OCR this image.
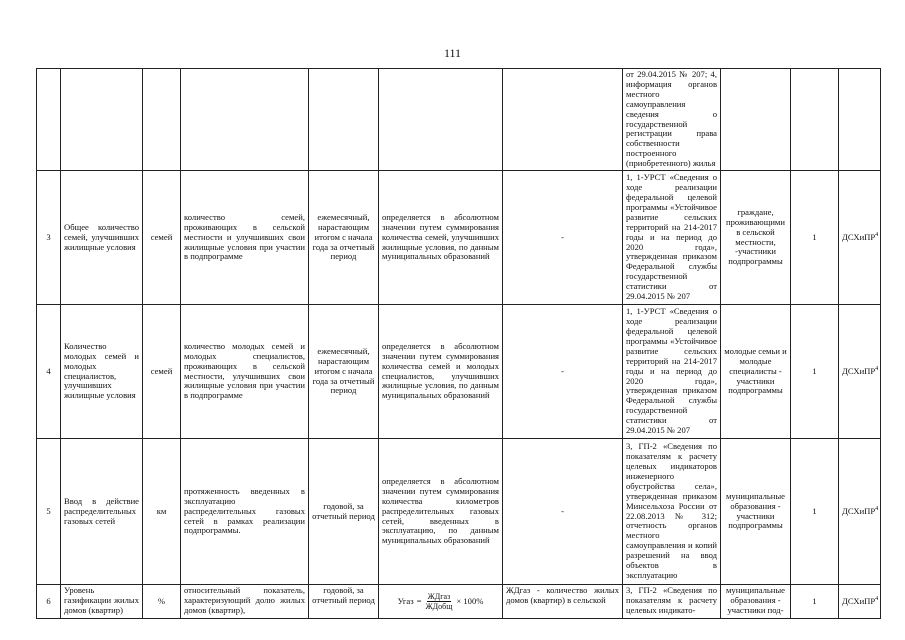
111
							от 29.04.2015 № 207; 4, информация органов местного самоуправления сведения о государственной регистрации права собственности построенного (приобретенного) жилья			
3	Общее количество семей, улучшивших жилищные условия	семей	количество семей, проживающих в сельской местности и улучшивших свои жилищные условия при участии в подпрограмме	ежемесячный, нарастающим итогом с начала года за отчетный период	определяется в абсолютном значении путем суммирования количества семей, улучшивших жилищные условия, по данным муниципальных образований	-	1, 1-УРСТ «Сведения о ходе реализации федеральной целевой программы «Устойчивое развитие сельских территорий на 214-2017 годы и на период до 2020 года», утвержденная приказом Федеральной службы государственной статистики от 29.04.2015 № 207	граждане, проживающими в сельской местности, -участники подпрограммы	1	ДСХиПР$^4$
4	Количество молодых семей и молодых специалистов, улучшивших жилищные условия	семей	количество молодых семей и молодых специалистов, проживающих в сельской местности, улучшивших свои жилищные условия при участии в подпрограмме	ежемесячный, нарастающим итогом с начала года за отчетный период	определяется в абсолютном значении путем суммирования количества семей и молодых специалистов, улучшивших жилищные условия, по данным муниципальных образований	-	1, 1-УРСТ «Сведения о ходе реализации федеральной целевой программы «Устойчивое развитие сельских территорий на 214-2017 годы и на период до 2020 года», утвержденная приказом Федеральной службы государственной статистики от 29.04.2015 № 207	молодые семьи и молодые специалисты - участники подпрограммы	1	ДСХиПР$^4$
5	Ввод в действие распределительных газовых сетей	км	протяженность введенных в эксплуатацию распределительных газовых сетей в рамках реализации подпрограммы.	годовой, за отчетный период	определяется в абсолютном значении путем суммирования количества километров распределительных газовых сетей, введенных в эксплуатацию, по данным муниципальных образований	-	3, ГП-2 «Сведения по показателям к расчету целевых индикаторов инженерного обустройства села», утвержденная приказом Минсельхоза России от 22.08.2013 № 312; отчетность органов местного самоуправления и копий разрешений на ввод объектов в эксплуатацию	муниципальные образования - участники подпрограммы	1	ДСХиПР$^4$
6	Уровень газификации жилых домов (квартир)	%	относительный показатель, характеризующий долю жилых домов (квартир),	годовой, за отчетный период	Угаз = $\frac{\text{ЖДгаз}}{\text{ЖДобщ}} \times 100\%$	ЖДгаз - количество жилых домов (квартир) в сельской	3, ГП-2 «Сведения по показателям к расчету целевых индикато-	муниципальные образования - участники под-	1	ДСХиПР$^4$
